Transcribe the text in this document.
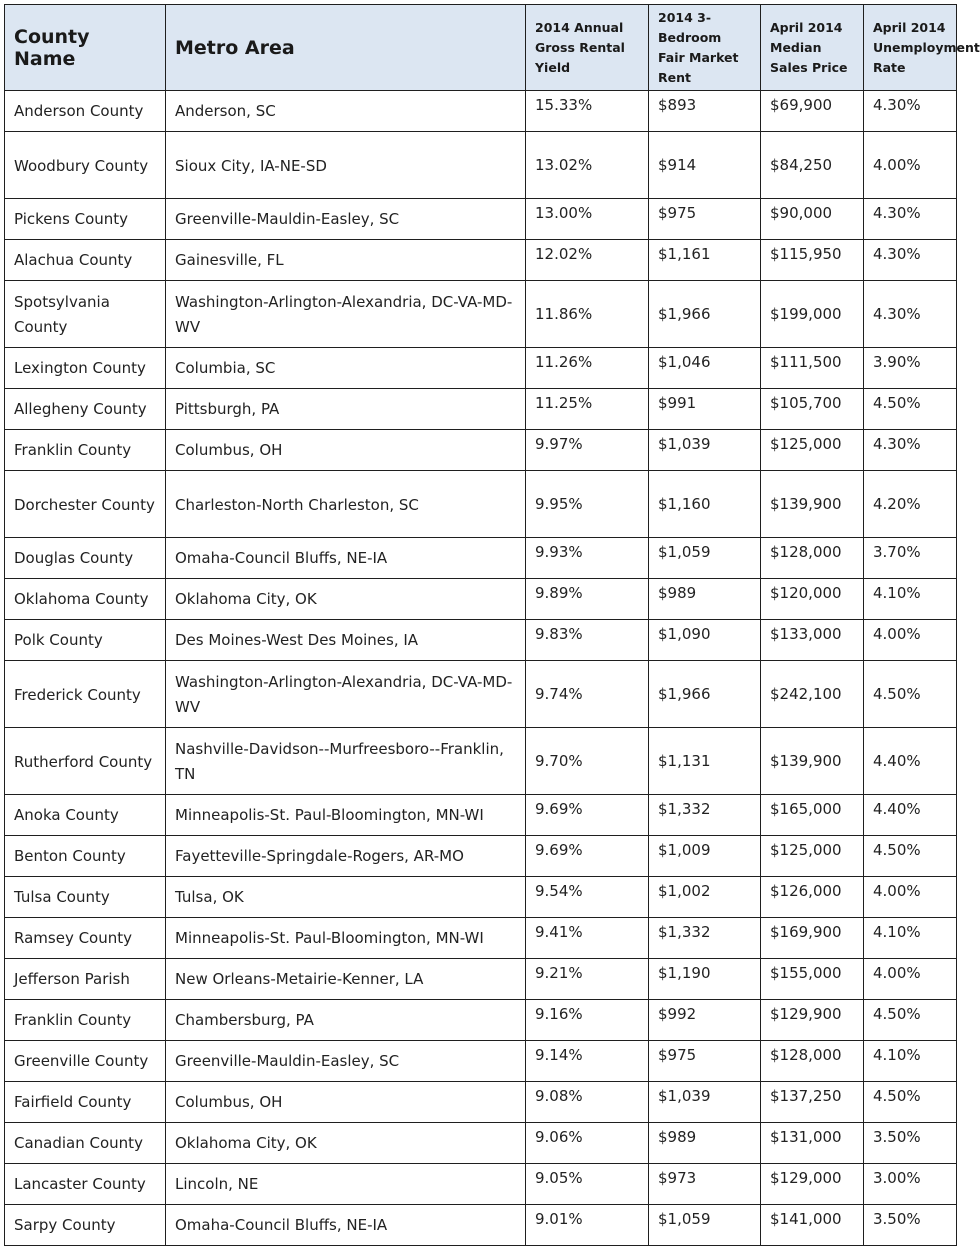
County Name	Metro Area	2014 Annual Gross Rental Yield	2014 3-Bedroom Fair Market Rent	April 2014 Median Sales Price	April 2014 Unemployment Rate
Anderson County	Anderson, SC	15.33%	$893	$69,900	4.30%
Woodbury County	Sioux City, IA-NE-SD	13.02%	$914	$84,250	4.00%
Pickens County	Greenville-Mauldin-Easley, SC	13.00%	$975	$90,000	4.30%
Alachua County	Gainesville, FL	12.02%	$1,161	$115,950	4.30%
Spotsylvania County	Washington-Arlington-Alexandria, DC-VA-MD-WV	11.86%	$1,966	$199,000	4.30%
Lexington County	Columbia, SC	11.26%	$1,046	$111,500	3.90%
Allegheny County	Pittsburgh, PA	11.25%	$991	$105,700	4.50%
Franklin County	Columbus, OH	9.97%	$1,039	$125,000	4.30%
Dorchester County	Charleston-North Charleston, SC	9.95%	$1,160	$139,900	4.20%
Douglas County	Omaha-Council Bluffs, NE-IA	9.93%	$1,059	$128,000	3.70%
Oklahoma County	Oklahoma City, OK	9.89%	$989	$120,000	4.10%
Polk County	Des Moines-West Des Moines, IA	9.83%	$1,090	$133,000	4.00%
Frederick County	Washington-Arlington-Alexandria, DC-VA-MD-WV	9.74%	$1,966	$242,100	4.50%
Rutherford County	Nashville-Davidson--Murfreesboro--Franklin, TN	9.70%	$1,131	$139,900	4.40%
Anoka County	Minneapolis-St. Paul-Bloomington, MN-WI	9.69%	$1,332	$165,000	4.40%
Benton County	Fayetteville-Springdale-Rogers, AR-MO	9.69%	$1,009	$125,000	4.50%
Tulsa County	Tulsa, OK	9.54%	$1,002	$126,000	4.00%
Ramsey County	Minneapolis-St. Paul-Bloomington, MN-WI	9.41%	$1,332	$169,900	4.10%
Jefferson Parish	New Orleans-Metairie-Kenner, LA	9.21%	$1,190	$155,000	4.00%
Franklin County	Chambersburg, PA	9.16%	$992	$129,900	4.50%
Greenville County	Greenville-Mauldin-Easley, SC	9.14%	$975	$128,000	4.10%
Fairfield County	Columbus, OH	9.08%	$1,039	$137,250	4.50%
Canadian County	Oklahoma City, OK	9.06%	$989	$131,000	3.50%
Lancaster County	Lincoln, NE	9.05%	$973	$129,000	3.00%
Sarpy County	Omaha-Council Bluffs, NE-IA	9.01%	$1,059	$141,000	3.50%
